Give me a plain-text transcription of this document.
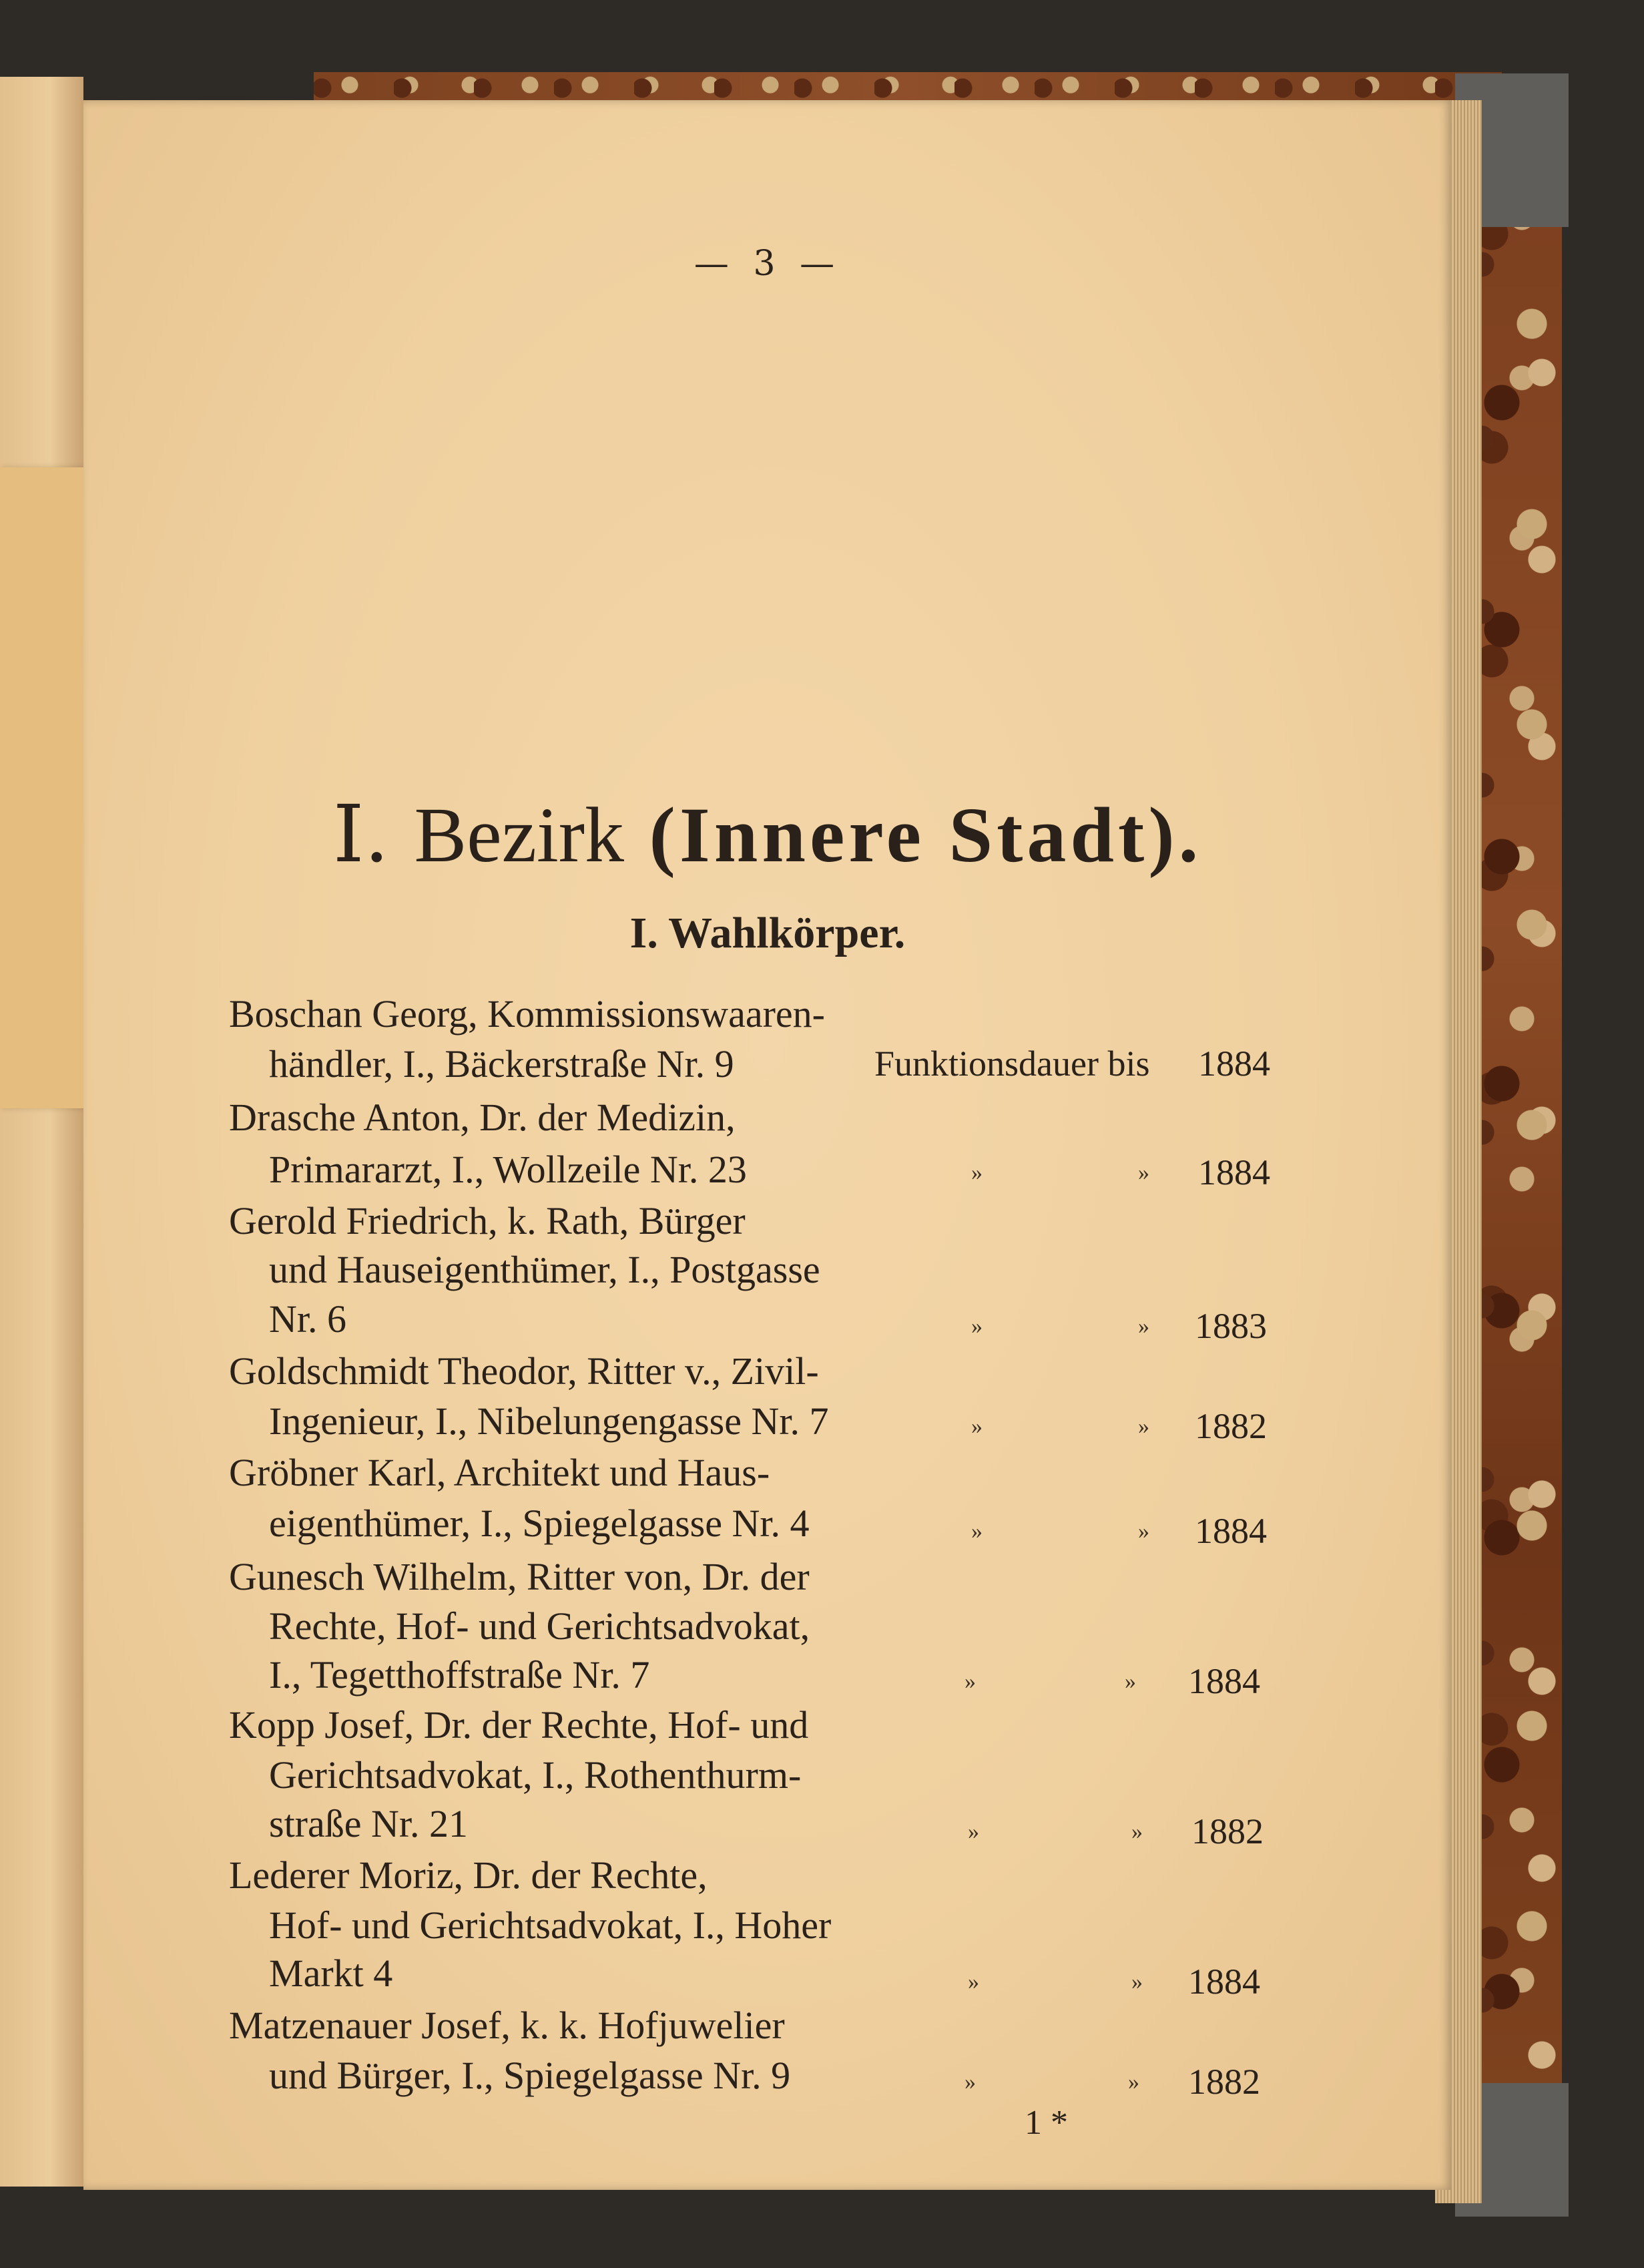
— 3 —
I. Bezirk (Innere Stadt).
I. Wahlkörper.
Boschan Georg, Kommissionswaaren-
händler, I., Bäckerstraße Nr. 9	Funktionsdauer bis 1884
Drasche Anton, Dr. der Medizin,
Primararzt, I., Wollzeile Nr. 23	»	» 1884
Gerold Friedrich, k. Rath, Bürger
und Hauseigenthümer, I., Postgasse
Nr. 6	»	» 1883
Goldschmidt Theodor, Ritter v., Zivil-
Ingenieur, I., Nibelungengasse Nr. 7	»	» 1882
Gröbner Karl, Architekt und Haus-
eigenthümer, I., Spiegelgasse Nr. 4	»	» 1884
Gunesch Wilhelm, Ritter von, Dr. der
Rechte, Hof- und Gerichtsadvokat,
I., Tegetthoffstraße Nr. 7	»	» 1884
Kopp Josef, Dr. der Rechte, Hof- und
Gerichtsadvokat, I., Rothenthurm-
straße Nr. 21	»	» 1882
Lederer Moriz, Dr. der Rechte,
Hof- und Gerichtsadvokat, I., Hoher
Markt 4	»	» 1884
Matzenauer Josef, k. k. Hofjuwelier
und Bürger, I., Spiegelgasse Nr. 9	»	» 1882
1 *
